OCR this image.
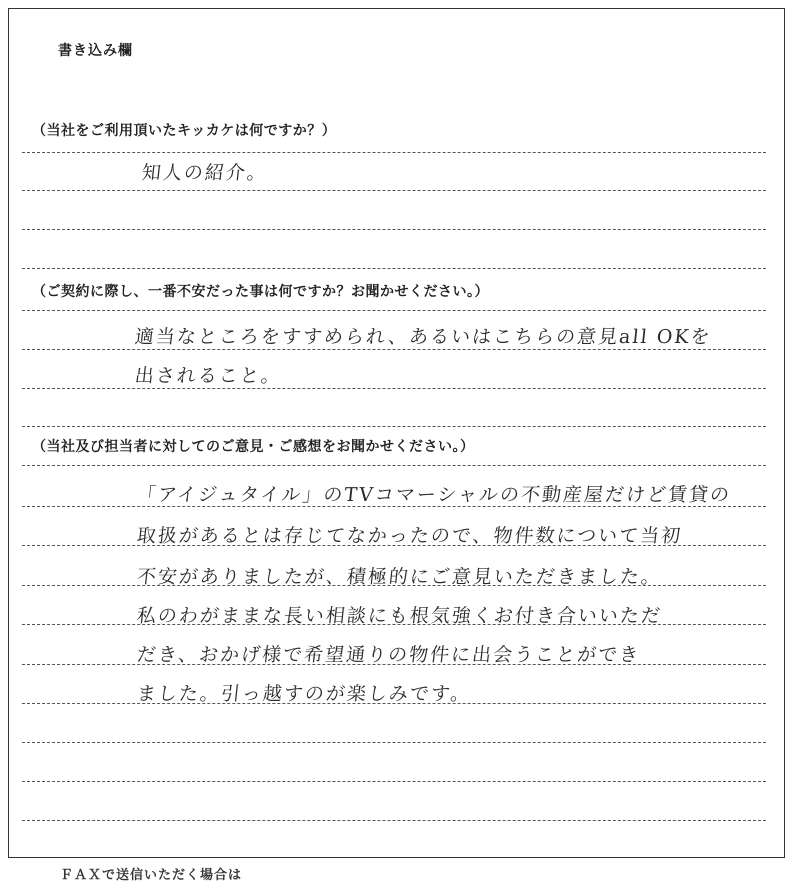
書き込み欄
（当社をご利用頂いたキッカケは何ですか？）
知人の紹介。
（ご契約に際し、一番不安だった事は何ですか？お聞かせください。）
適当なところをすすめられ、あるいはこちらの意見all OKを
出されること。
（当社及び担当者に対してのご意見・ご感想をお聞かせください。）
「アイジュタイル」のTVコマーシャルの不動産屋だけど賃貸の
取扱があるとは存じてなかったので、物件数について当初
不安がありましたが、積極的にご意見いただきました。
私のわがままな長い相談にも根気強くお付き合いいただ
だき、おかげ様で希望通りの物件に出会うことができ
ました。引っ越すのが楽しみです。
ＦＡＸで送信いただく場合は
